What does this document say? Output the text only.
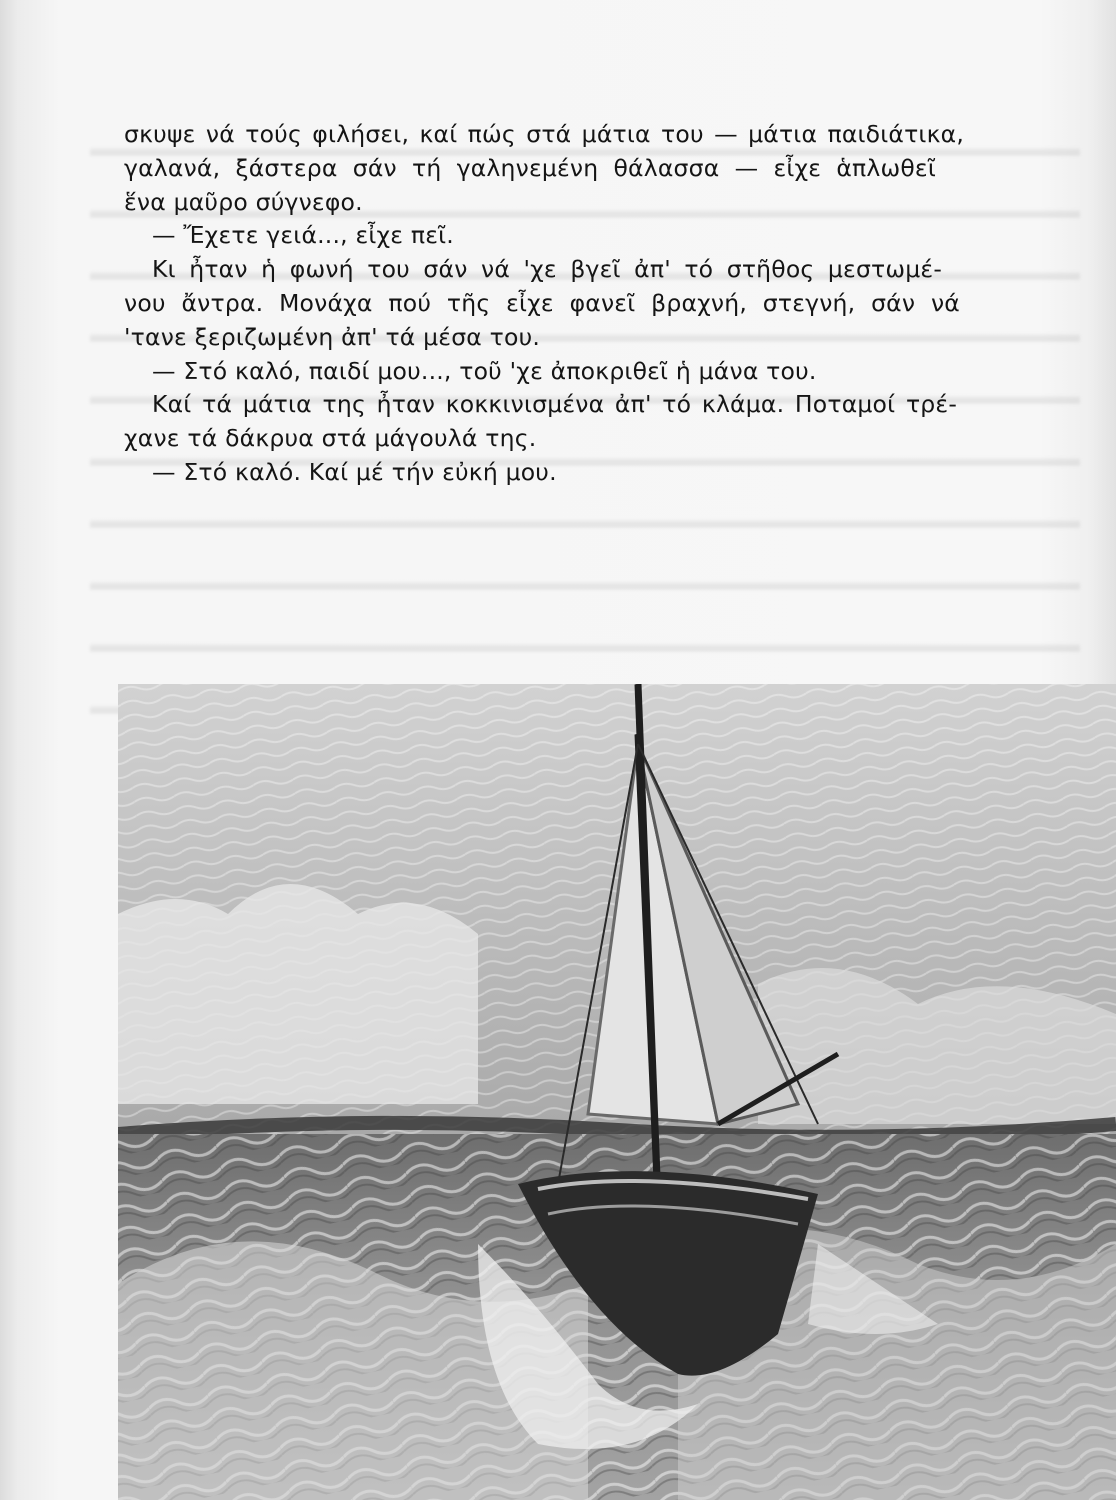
σκυψε νά τούς φιλήσει, καί πώς στά μάτια του — μάτια παιδιάτικα,
γαλανά, ξάστερα σάν τή γαληνεμένη θάλασσα — εἶχε ἁπλωθεῖ
ἕνα μαῦρο σύγνεφο.
— Ἔχετε γειά..., εἶχε πεῖ.
Κι ἦταν ἡ φωνή του σάν νά 'χε βγεῖ ἀπ' τό στῆθος μεστωμέ-
νου ἄντρα. Μονάχα πού τῆς εἶχε φανεῖ βραχνή, στεγνή, σάν νά
'τανε ξεριζωμένη ἀπ' τά μέσα του.
— Στό καλό, παιδί μου..., τοῦ 'χε ἀποκριθεῖ ἡ μάνα του.
Καί τά μάτια της ἦταν κοκκινισμένα ἀπ' τό κλάμα. Ποταμοί τρέ-
χανε τά δάκρυα στά μάγουλά της.
— Στό καλό. Καί μέ τήν εὐκή μου.
